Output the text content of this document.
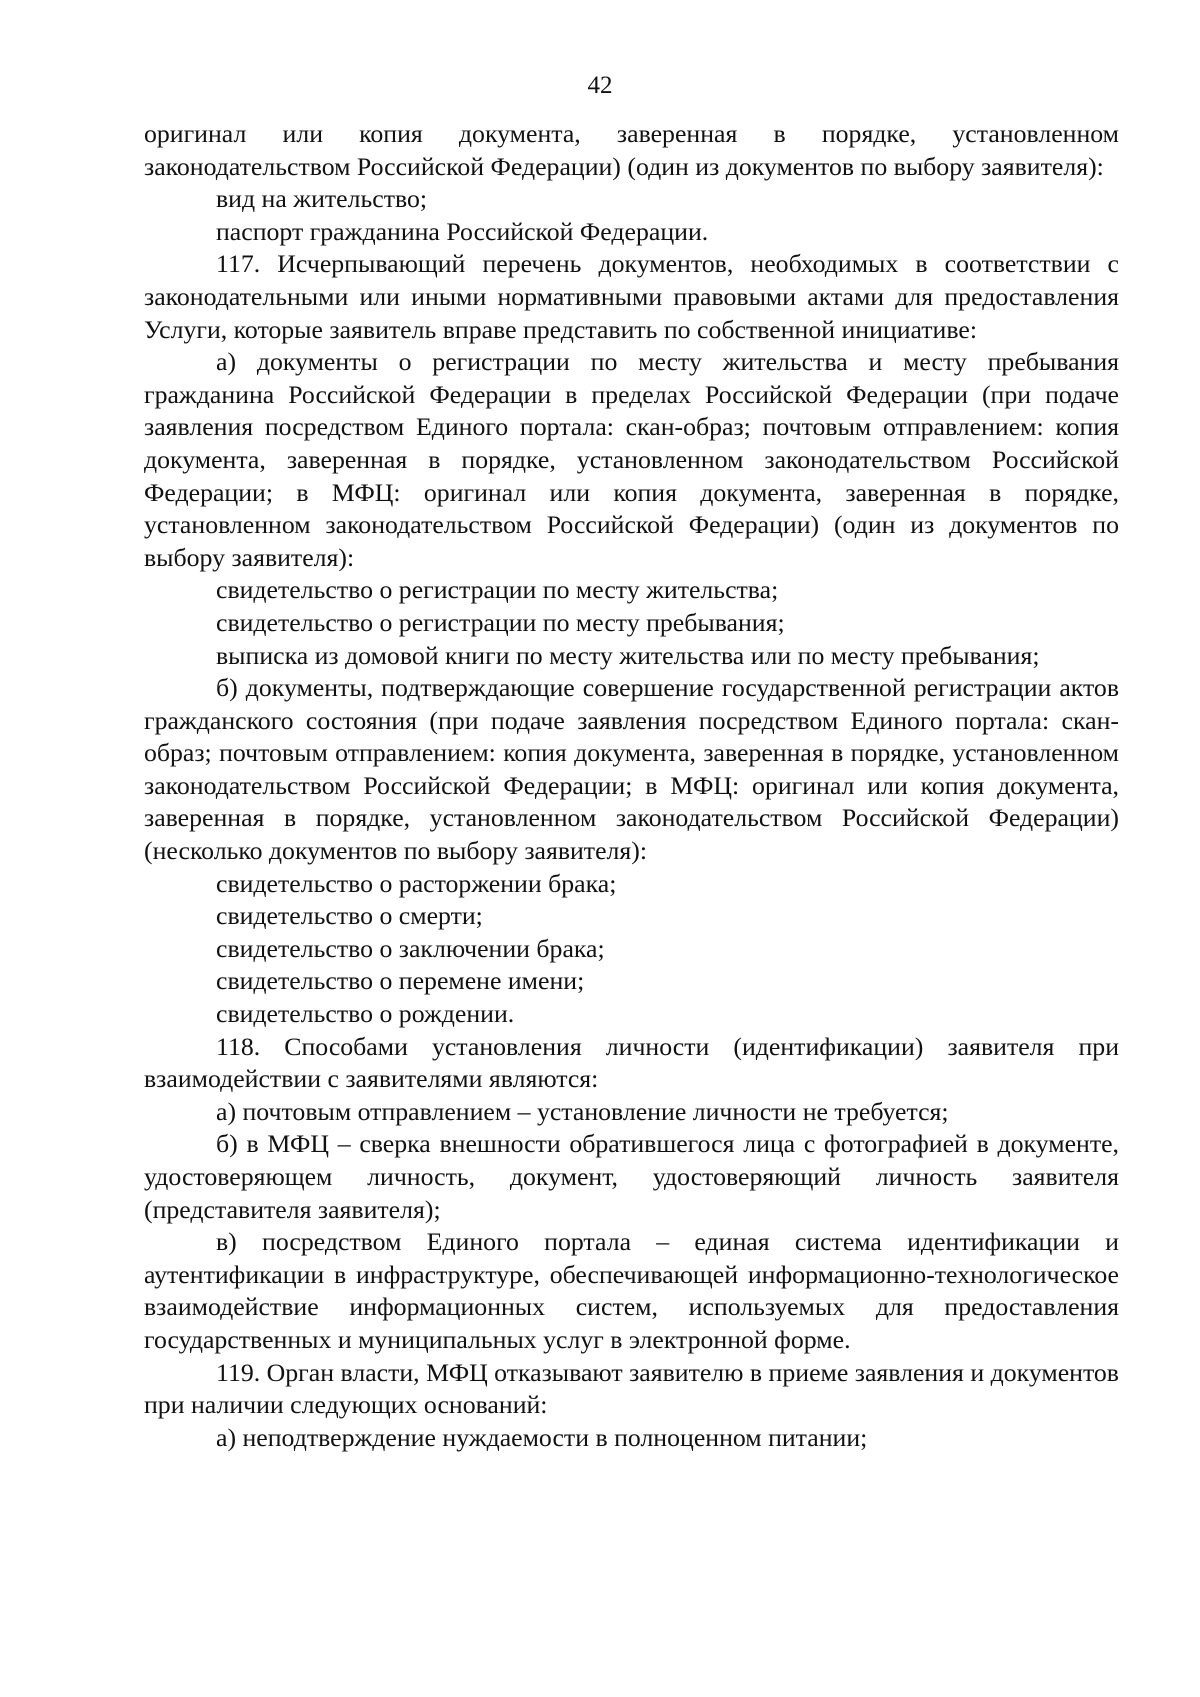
42

оригинал или копия документа, заверенная в порядке, установленном законодательством Российской Федерации) (один из документов по выбору заявителя):

вид на жительство;

паспорт гражданина Российской Федерации.

117. Исчерпывающий перечень документов, необходимых в соответствии с законодательными или иными нормативными правовыми актами для предоставления Услуги, которые заявитель вправе представить по собственной инициативе:

а) документы о регистрации по месту жительства и месту пребывания гражданина Российской Федерации в пределах Российской Федерации (при подаче заявления посредством Единого портала: скан-образ; почтовым отправлением: копия документа, заверенная в порядке, установленном законодательством Российской Федерации; в МФЦ: оригинал или копия документа, заверенная в порядке, установленном законодательством Российской Федерации) (один из документов по выбору заявителя):

свидетельство о регистрации по месту жительства;

свидетельство о регистрации по месту пребывания;

выписка из домовой книги по месту жительства или по месту пребывания;

б) документы, подтверждающие совершение государственной регистрации актов гражданского состояния (при подаче заявления посредством Единого портала: скан-образ; почтовым отправлением: копия документа, заверенная в порядке, установленном законодательством Российской Федерации; в МФЦ: оригинал или копия документа, заверенная в порядке, установленном законодательством Российской Федерации) (несколько документов по выбору заявителя):

свидетельство о расторжении брака;

свидетельство о смерти;

свидетельство о заключении брака;

свидетельство о перемене имени;

свидетельство о рождении.

118. Способами установления личности (идентификации) заявителя при взаимодействии с заявителями являются:

а) почтовым отправлением – установление личности не требуется;

б) в МФЦ – сверка внешности обратившегося лица с фотографией в документе, удостоверяющем личность, документ, удостоверяющий личность заявителя (представителя заявителя);

в) посредством Единого портала – единая система идентификации и аутентификации в инфраструктуре, обеспечивающей информационно-технологическое взаимодействие информационных систем, используемых для предоставления государственных и муниципальных услуг в электронной форме.

119. Орган власти, МФЦ отказывают заявителю в приеме заявления и документов при наличии следующих оснований:

а) неподтверждение нуждаемости в полноценном питании;
